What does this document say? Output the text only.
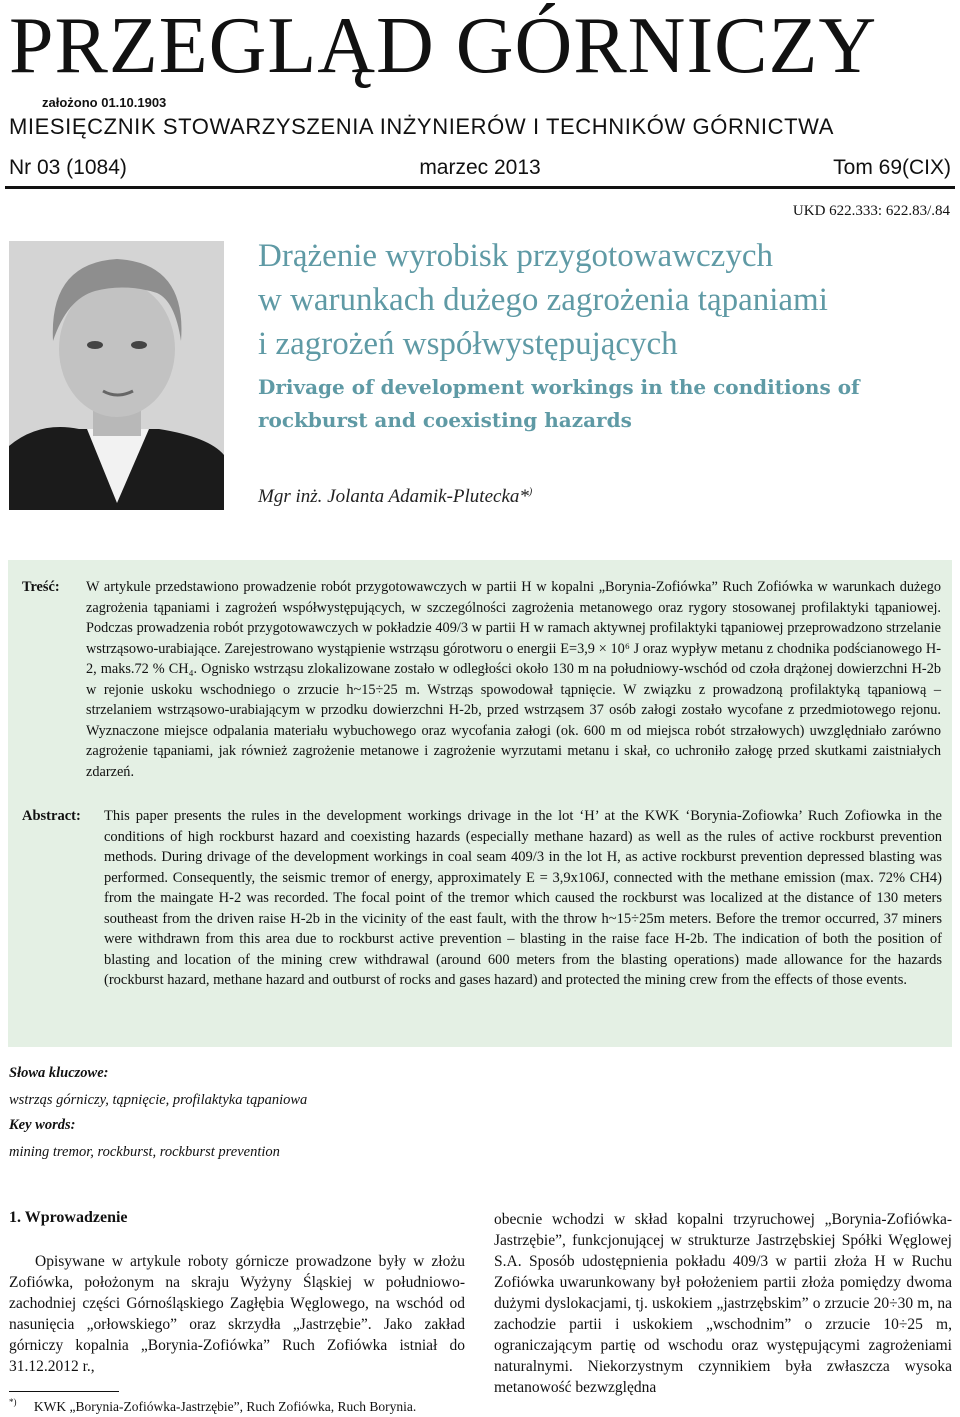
PRZEGLĄD GÓRNICZY
założono 01.10.1903
MIESIĘCZNIK STOWARZYSZENIA INŻYNIERÓW I TECHNIKÓW GÓRNICTWA
Nr 03 (1084)	marzec 2013	Tom 69(CIX)
UKD 622.333: 622.83/.84
Drążenie wyrobisk przygotowawczych
w warunkach dużego zagrożenia tąpaniami
i zagrożeń współwystępujących
Drivage of development workings in the conditions of
rockburst and coexisting hazards
Mgr inż. Jolanta Adamik-Plutecka*)
Treść: W artykule przedstawiono prowadzenie robót przygotowawczych w partii H w kopalni „Borynia-Zofiówka” Ruch Zofiówka w warunkach dużego zagrożenia tąpaniami i zagrożeń współwystępujących, w szczególności zagrożenia metanowego oraz rygory stosowanej profilaktyki tąpaniowej. Podczas prowadzenia robót przygotowawczych w pokładzie 409/3 w partii H w ramach aktywnej profilaktyki tąpaniowej przeprowadzono strzelanie wstrząsowo-urabiające. Zarejestrowano wystąpienie wstrząsu górotworu o energii E=3,9 × 10⁶ J oraz wypływ metanu z chodnika podścianowego H-2, maks.72 % CH₄. Ognisko wstrząsu zlokalizowane zostało w odległości około 130 m na południowy-wschód od czoła drążonej dowierzchni H-2b w rejonie uskoku wschodniego o zrzucie h~15÷25 m. Wstrząs spowodował tąpnięcie. W związku z prowadzoną profilaktyką tąpaniową – strzelaniem wstrząsowo-urabiającym w przodku dowierzchni H-2b, przed wstrząsem 37 osób załogi zostało wycofane z przedmiotowego rejonu. Wyznaczone miejsce odpalania materiału wybuchowego oraz wycofania załogi (ok. 600 m od miejsca robót strzałowych) uwzględniało zarówno zagrożenie tąpaniami, jak również zagrożenie metanowe i zagrożenie wyrzutami metanu i skał, co uchroniło załogę przed skutkami zaistniałych zdarzeń.
Abstract: This paper presents the rules in the development workings drivage in the lot ‘H’ at the KWK ‘Borynia-Zofiowka’ Ruch Zofiowka in the conditions of high rockburst hazard and coexisting hazards (especially methane hazard) as well as the rules of active rockburst prevention methods. During drivage of the development workings in coal seam 409/3 in the lot H, as active rockburst prevention depressed blasting was performed. Consequently, the seismic tremor of energy, approximately E = 3,9x106J, connected with the methane emission (max. 72% CH4) from the maingate H-2 was recorded. The focal point of the tremor which caused the rockburst was localized at the distance of 130 meters southeast from the driven raise H-2b in the vicinity of the east fault, with the throw h~15÷25m meters. Before the tremor occurred, 37 miners were withdrawn from this area due to rockburst active prevention – blasting in the raise face H-2b. The indication of both the position of blasting and location of the mining crew withdrawal (around 600 meters from the blasting operations) made allowance for the hazards (rockburst hazard, methane hazard and outburst of rocks and gases hazard) and protected the mining crew from the effects of those events.
Słowa kluczowe:
wstrząs górniczy, tąpnięcie, profilaktyka tąpaniowa
Key words:
mining tremor, rockburst, rockburst prevention
1. Wprowadzenie
Opisywane w artykule roboty górnicze prowadzone były w złożu Zofiówka, położonym na skraju Wyżyny Śląskiej w południowo-zachodniej części Górnośląskiego Zagłębia Węglowego, na wschód od nasunięcia „orłowskiego” oraz skrzydła „Jastrzębie”. Jako zakład górniczy kopalnia „Borynia-Zofiówka” Ruch Zofiówka istniał do 31.12.2012 r.,
obecnie wchodzi w skład kopalni trzyruchowej „Borynia-Zofiówka-Jastrzębie”, funkcjonującej w strukturze Jastrzębskiej Spółki Węglowej S.A. Sposób udostępnienia pokładu 409/3 w partii złoża H w Ruchu Zofiówka uwarunkowany był położeniem partii złoża pomiędzy dwoma dużymi dyslokacjami, tj. uskokiem „jastrzębskim” o zrzucie 20÷30 m, na zachodzie partii i uskokiem „wschodnim” o zrzucie 10÷25 m, ograniczającym partię od wschodu oraz występującymi zagrożeniami naturalnymi. Niekorzystnym czynnikiem była zwłaszcza wysoka metanowość bezwzględna
*) KWK „Borynia-Zofiówka-Jastrzębie”, Ruch Zofiówka, Ruch Borynia.
